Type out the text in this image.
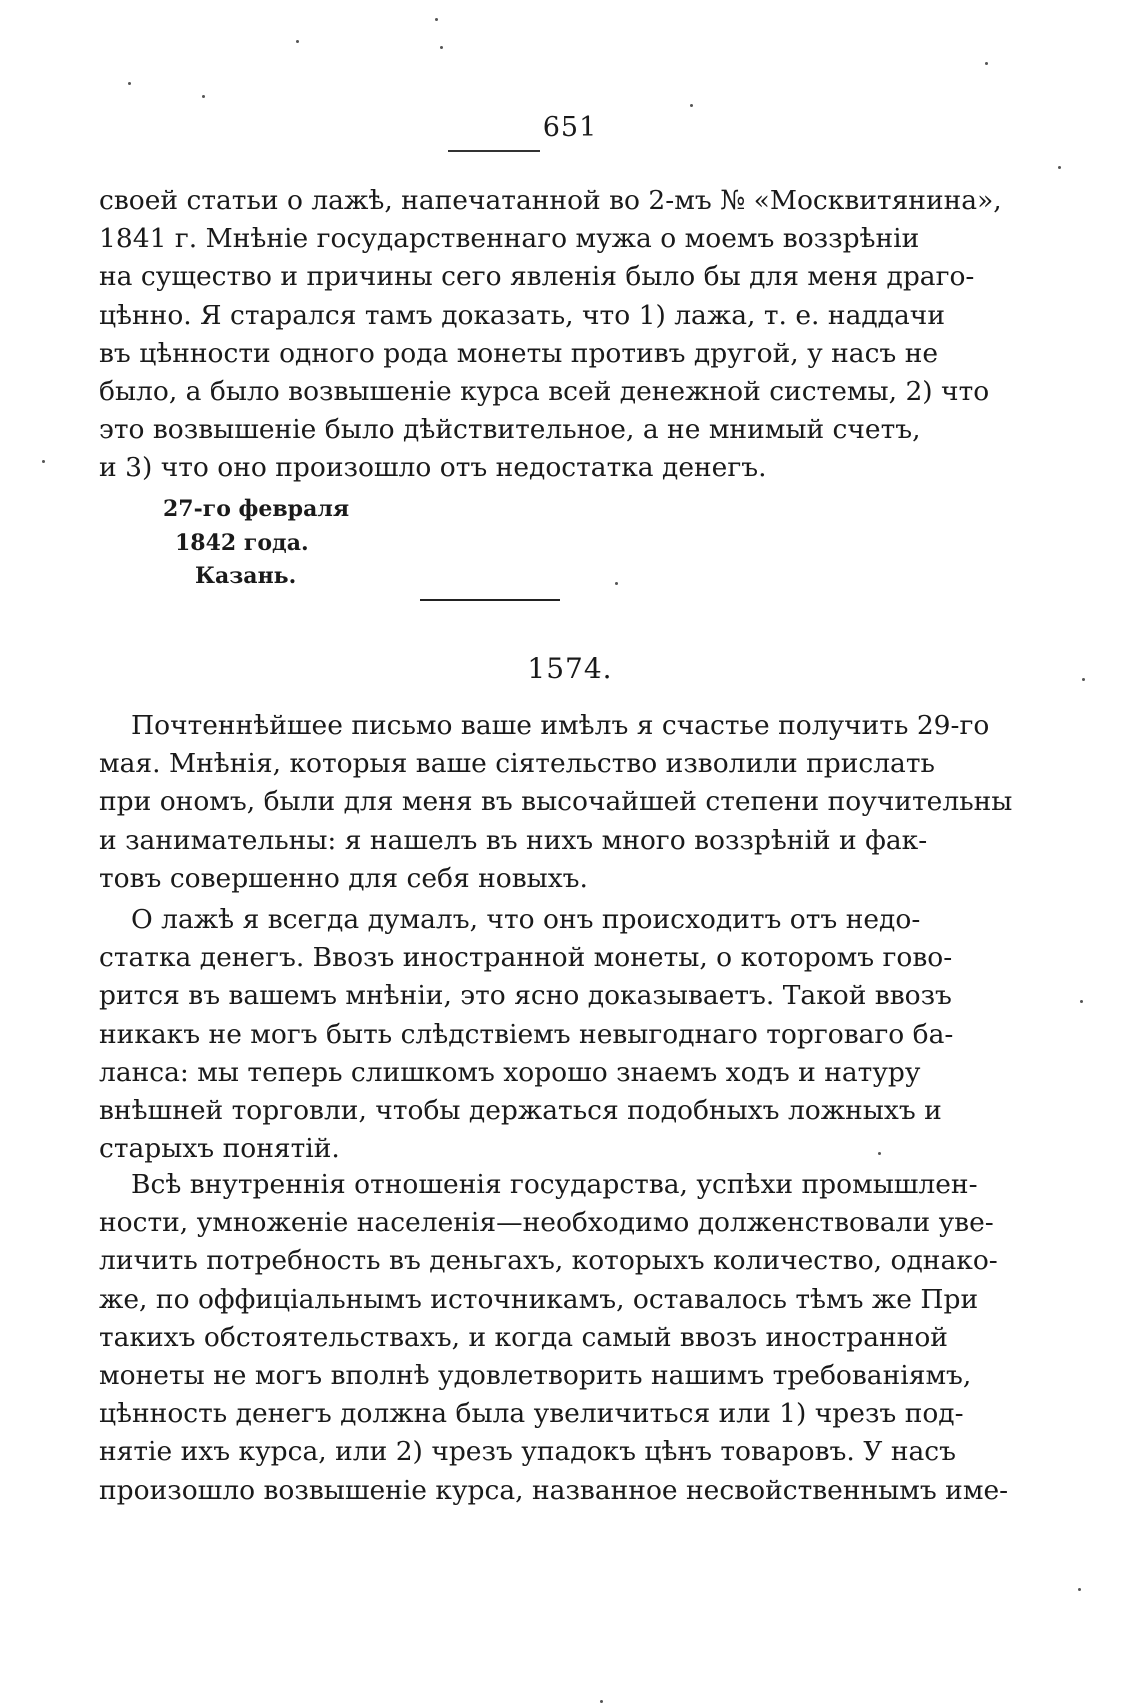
651
своей статьи о лажѣ, напечатанной во 2-мъ № «Москвитянина»,
1841 г. Мнѣніе государственнаго мужа о моемъ воззрѣніи
на существо и причины сего явленія было бы для меня драго-
цѣнно. Я старался тамъ доказать, что 1) лажа, т. е. наддачи
въ цѣнности одного рода монеты противъ другой, у насъ не
было, а было возвышеніе курса всей денежной системы, 2) что
это возвышеніе было дѣйствительное, а не мнимый счетъ,
и 3) что оно произошло отъ недостатка денегъ.
27-го февраля
1842 года.
Казань.
1574.
Почтеннѣйшее письмо ваше имѣлъ я счастье получить 29-го
мая. Мнѣнія, которыя ваше сіятельство изволили прислать
при ономъ, были для меня въ высочайшей степени поучительны
и занимательны: я нашелъ въ нихъ много воззрѣній и фак-
товъ совершенно для себя новыхъ.
О лажѣ я всегда думалъ, что онъ происходитъ отъ недо-
статка денегъ. Ввозъ иностранной монеты, о которомъ гово-
рится въ вашемъ мнѣніи, это ясно доказываетъ. Такой ввозъ
никакъ не могъ быть слѣдствіемъ невыгоднаго торговаго ба-
ланса: мы теперь слишкомъ хорошо знаемъ ходъ и натуру
внѣшней торговли, чтобы держаться подобныхъ ложныхъ и
старыхъ понятій.
Всѣ внутреннія отношенія государства, успѣхи промышлен-
ности, умноженіе населенія—необходимо долженствовали уве-
личить потребность въ деньгахъ, которыхъ количество, однако-
же, по оффиціальнымъ источникамъ, оставалось тѣмъ же При
такихъ обстоятельствахъ, и когда самый ввозъ иностранной
монеты не могъ вполнѣ удовлетворить нашимъ требованіямъ,
цѣнность денегъ должна была увеличиться или 1) чрезъ под-
нятіе ихъ курса, или 2) чрезъ упадокъ цѣнъ товаровъ. У насъ
произошло возвышеніе курса, названное несвойственнымъ име-
